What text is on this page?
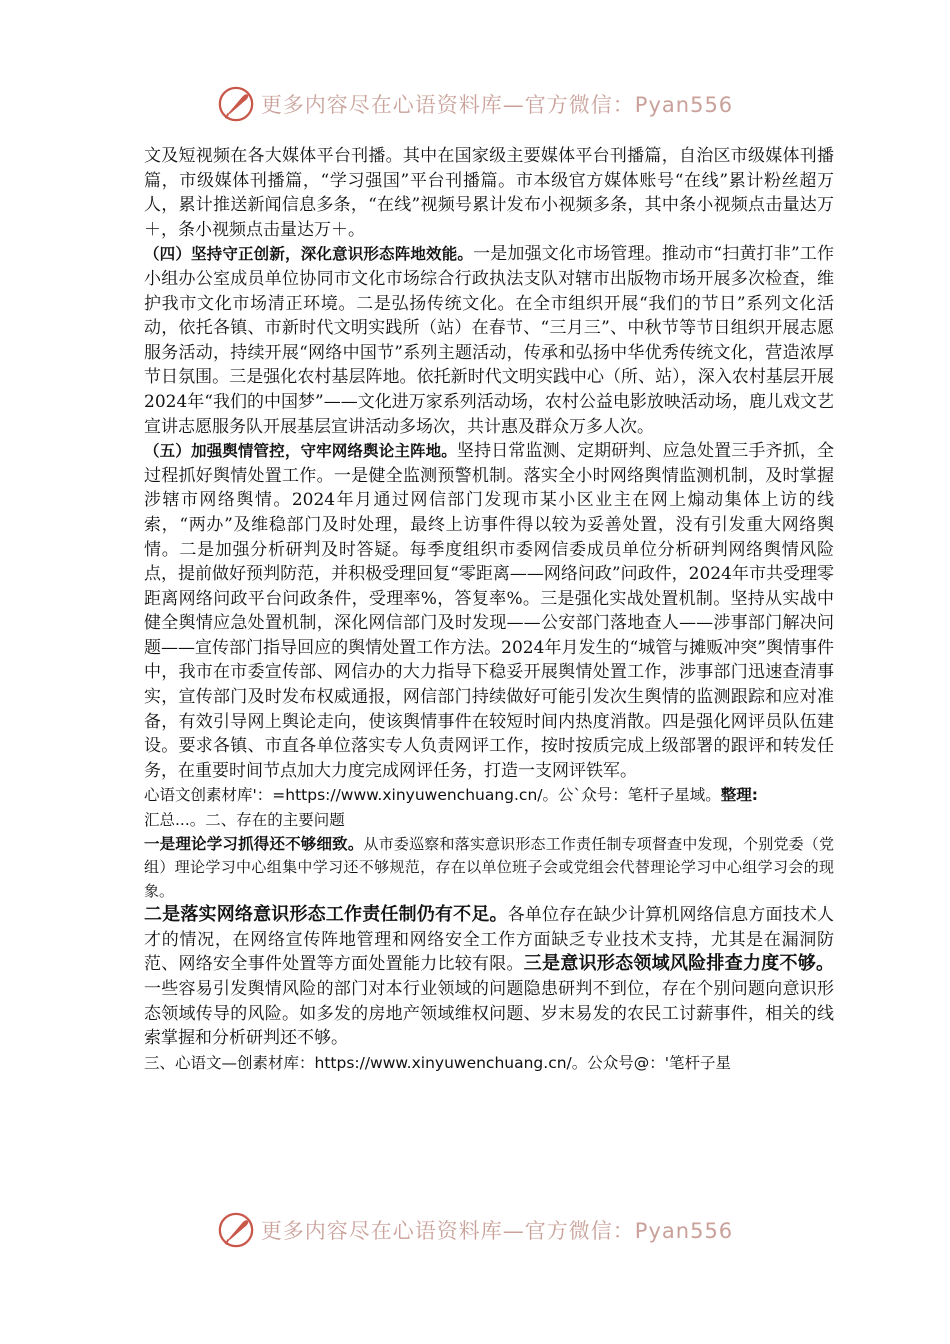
更多内容尽在心语资料库—官方微信：Pyan556

文及短视频在各大媒体平台刊播。其中在国家级主要媒体平台刊播篇，自治区市级媒体刊播篇，市级媒体刊播篇，“学习强国”平台刊播篇。市本级官方媒体账号“在线”累计粉丝超万人，累计推送新闻信息多条，“在线”视频号累计发布小视频多条，其中条小视频点击量达万＋，条小视频点击量达万＋。

（四）坚持守正创新，深化意识形态阵地效能。一是加强文化市场管理。推动市“扫黄打非”工作小组办公室成员单位协同市文化市场综合行政执法支队对辖市出版物市场开展多次检查，维护我市文化市场清正环境。二是弘扬传统文化。在全市组织开展“我们的节日”系列文化活动，依托各镇、市新时代文明实践所（站）在春节、“三月三”、中秋节等节日组织开展志愿服务活动，持续开展“网络中国节”系列主题活动，传承和弘扬中华优秀传统文化，营造浓厚节日氛围。三是强化农村基层阵地。依托新时代文明实践中心（所、站），深入农村基层开展2024年“我们的中国梦”——文化进万家系列活动场，农村公益电影放映活动场，鹿儿戏文艺宣讲志愿服务队开展基层宣讲活动多场次，共计惠及群众万多人次。

（五）加强舆情管控，守牢网络舆论主阵地。坚持日常监测、定期研判、应急处置三手齐抓，全过程抓好舆情处置工作。一是健全监测预警机制。落实全小时网络舆情监测机制，及时掌握涉辖市网络舆情。2024年月通过网信部门发现市某小区业主在网上煽动集体上访的线索，“两办”及维稳部门及时处理，最终上访事件得以较为妥善处置，没有引发重大网络舆情。二是加强分析研判及时答疑。每季度组织市委网信委成员单位分析研判网络舆情风险点，提前做好预判防范，并积极受理回复“零距离——网络问政”问政件，2024年市共受理零距离网络问政平台问政条件，受理率%，答复率%。三是强化实战处置机制。坚持从实战中健全舆情应急处置机制，深化网信部门及时发现——公安部门落地查人——涉事部门解决问题——宣传部门指导回应的舆情处置工作方法。2024年月发生的“城管与摊贩冲突”舆情事件中，我市在市委宣传部、网信办的大力指导下稳妥开展舆情处置工作，涉事部门迅速查清事实，宣传部门及时发布权威通报，网信部门持续做好可能引发次生舆情的监测跟踪和应对准备，有效引导网上舆论走向，使该舆情事件在较短时间内热度消散。四是强化网评员队伍建设。要求各镇、市直各单位落实专人负责网评工作，按时按质完成上级部署的跟评和转发任务，在重要时间节点加大力度完成网评任务，打造一支网评铁军。

心语文创素材库'：=https://www.xinyuwenchuang.cn/。公`众号：笔杆子星域。整理:
汇总...。二、存在的主要问题

一是理论学习抓得还不够细致。从市委巡察和落实意识形态工作责任制专项督查中发现，个别党委（党组）理论学习中心组集中学习还不够规范，存在以单位班子会或党组会代替理论学习中心组学习会的现象。

二是落实网络意识形态工作责任制仍有不足。各单位存在缺少计算机网络信息方面技术人才的情况，在网络宣传阵地管理和网络安全工作方面缺乏专业技术支持，尤其是在漏洞防范、网络安全事件处置等方面处置能力比较有限。三是意识形态领域风险排查力度不够。一些容易引发舆情风险的部门对本行业领域的问题隐患研判不到位，存在个别问题向意识形态领域传导的风险。如多发的房地产领域维权问题、岁末易发的农民工讨薪事件，相关的线索掌握和分析研判还不够。

三、心语文—创素材库：https://www.xinyuwenchuang.cn/。公众号@：'笔杆子星

更多内容尽在心语资料库—官方微信：Pyan556
